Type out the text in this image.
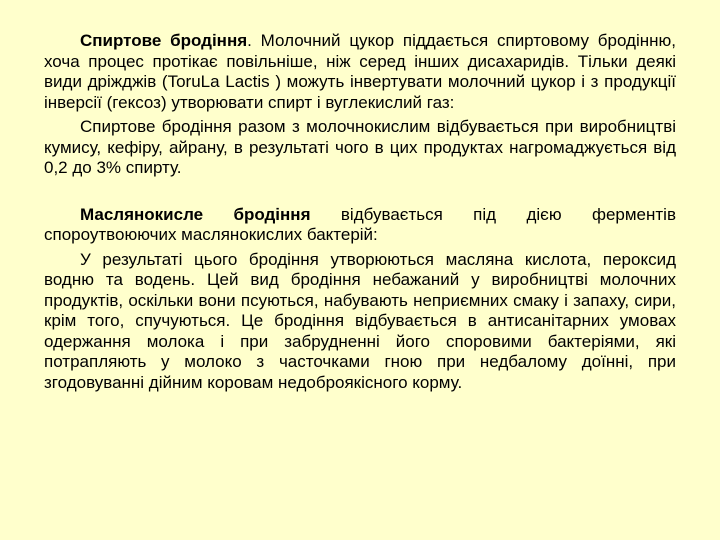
Спиртове бродіння. Молочний цукор піддається спиртовому бродінню, хоча процес протікає повільніше, ніж серед інших дисахаридів. Тільки деякі види дріжджів (ToruLa Lactis ) можуть інвертувати молочний цукор і з продукції інверсії (гексоз) утворювати спирт і вуглекислий газ:

Спиртове бродіння разом з молочнокислим відбувається при виробництві кумису, кефіру, айрану, в результаті чого в цих продуктах нагромаджується від 0,2 до 3% спирту.

Маслянокисле бродіння відбувається під дією ферментів спороутвоюючих маслянокислих бактерій:

У результаті цього бродіння утворюються масляна кислота, пероксид водню та водень. Цей вид бродіння небажаний у виробництві молочних продуктів, оскільки вони псуються, набувають неприємних смаку і запаху, сири, крім того, спучуються. Це бродіння відбувається в антисанітарних умовах одержання молока і при забрудненні його споровими бактеріями, які потрапляють у молоко з часточками гною при недбалому доїнні, при згодовуванні дійним коровам недоброякісного корму.
